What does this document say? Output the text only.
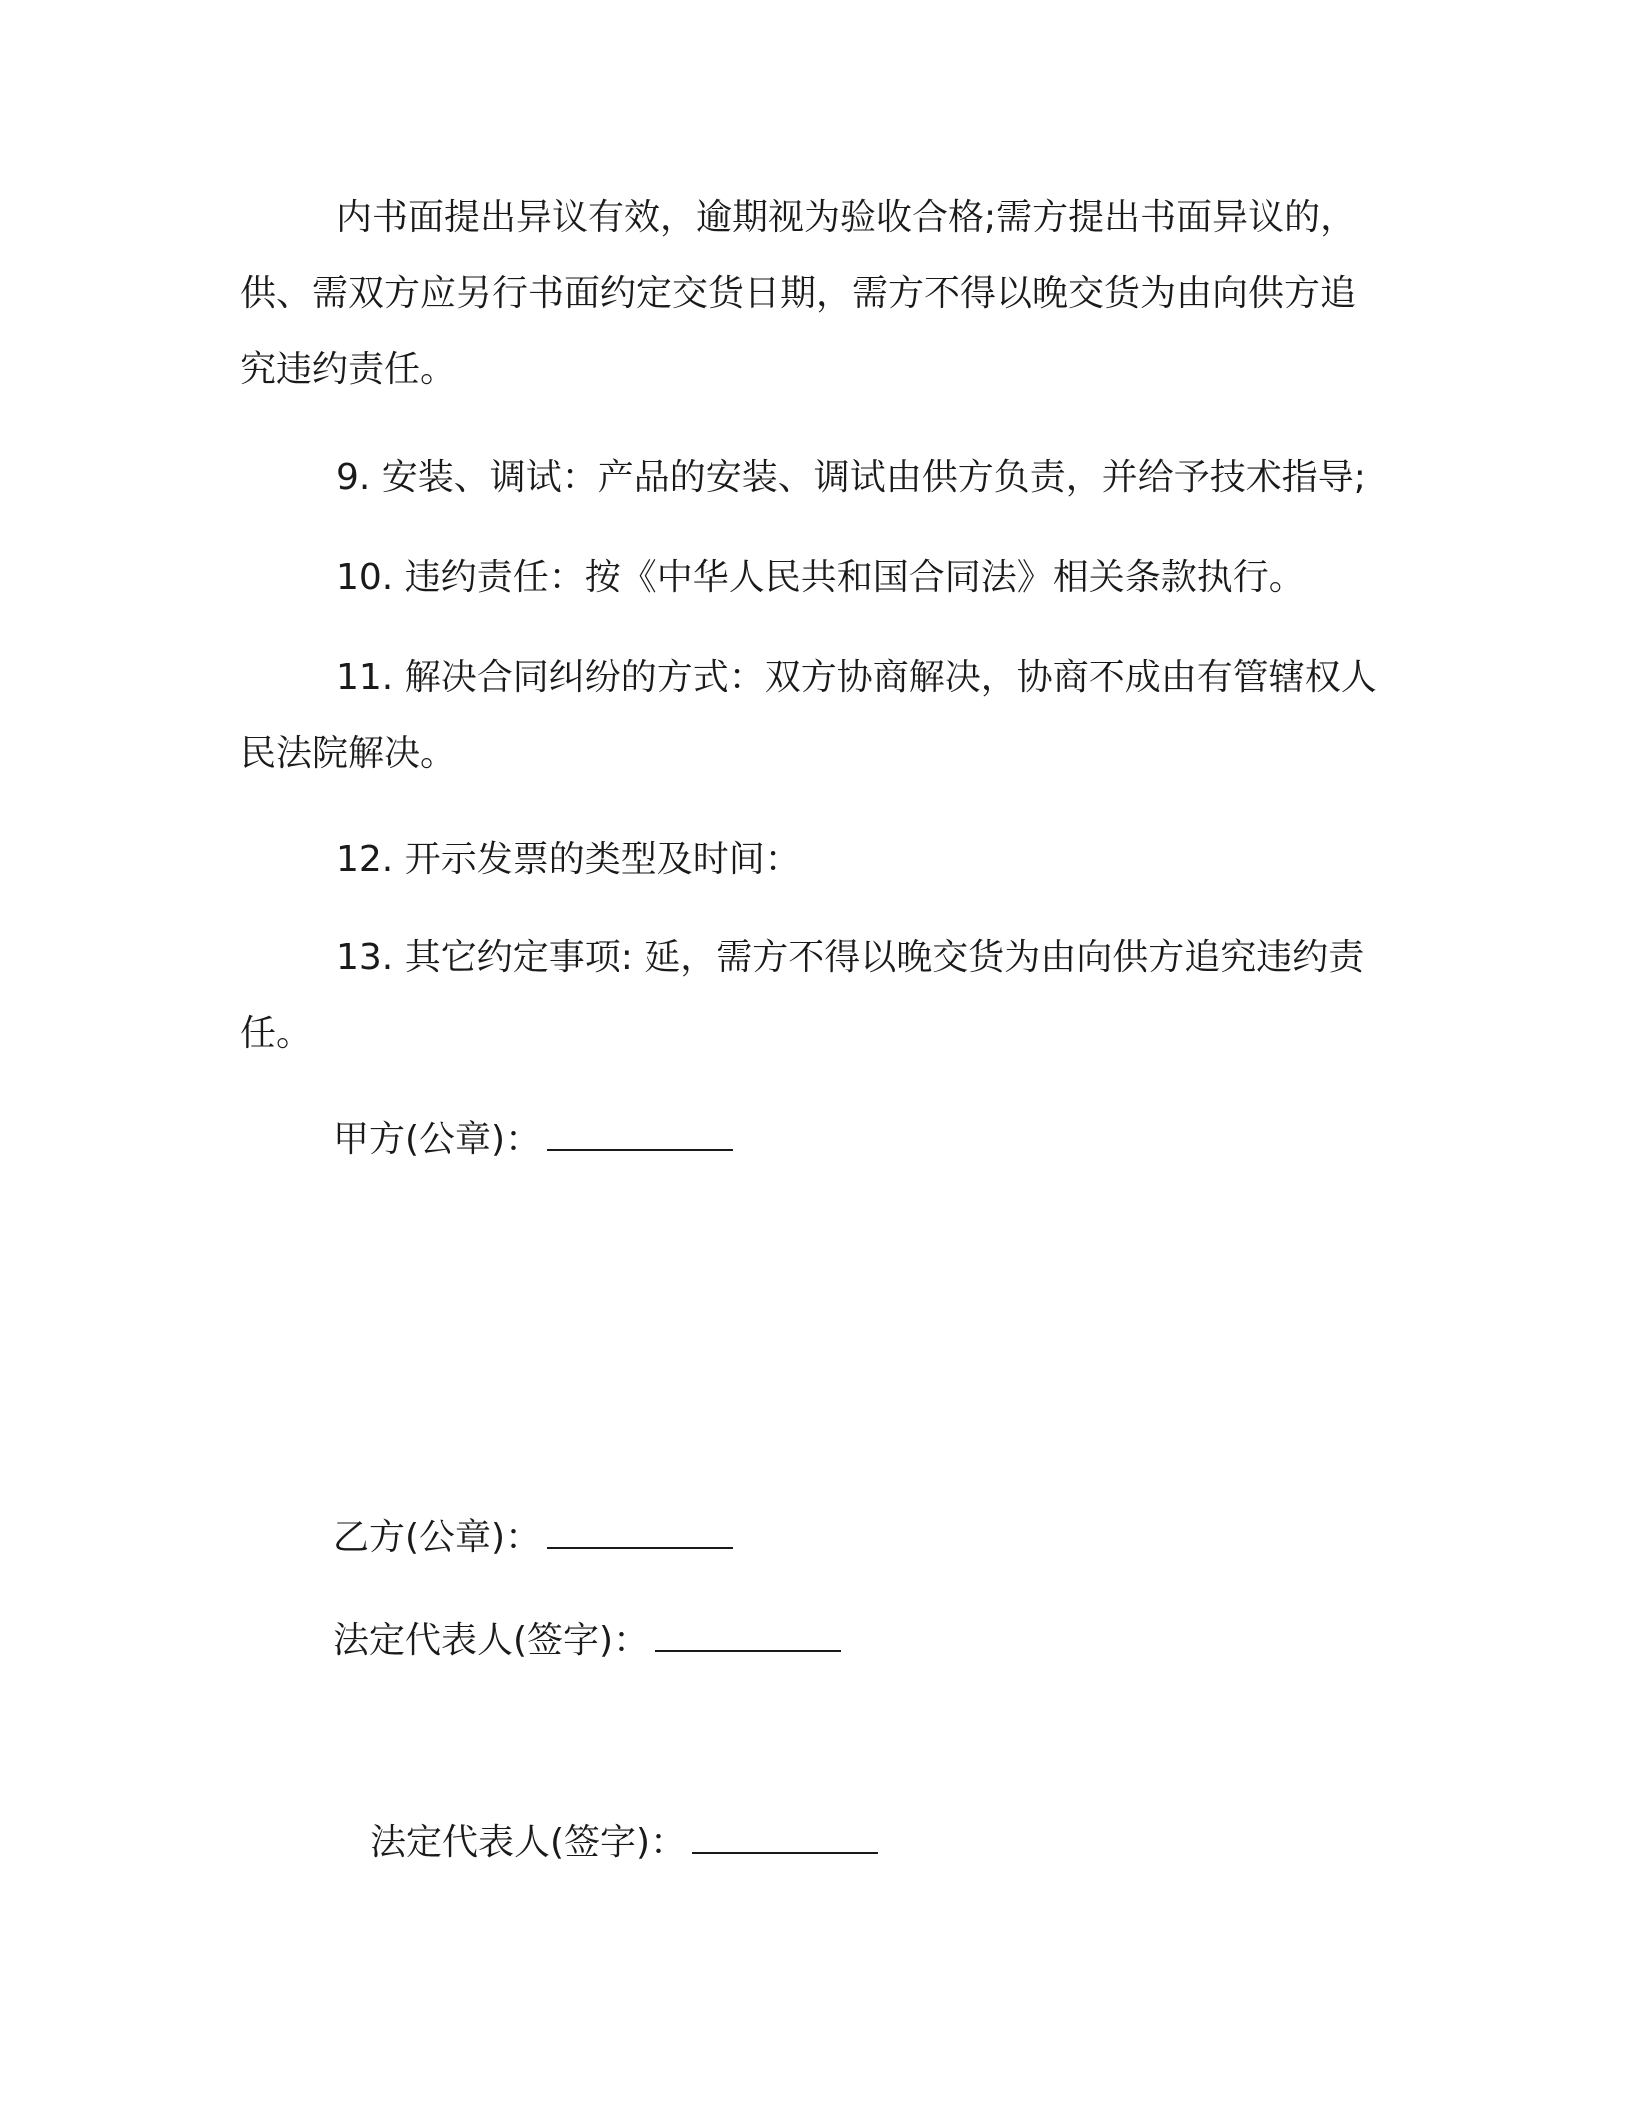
内书面提出异议有效，逾期视为验收合格;需方提出书面异议的，供、需双方应另行书面约定交货日期，需方不得以晚交货为由向供方追究违约责任。

9. 安装、调试：产品的安装、调试由供方负责，并给予技术指导;

10. 违约责任：按《中华人民共和国合同法》相关条款执行。

11. 解决合同纠纷的方式：双方协商解决，协商不成由有管辖权人民法院解决。

12. 开示发票的类型及时间：

13. 其它约定事项: 延，需方不得以晚交货为由向供方追究违约责任。

甲方(公章)：
乙方(公章)：
法定代表人(签字)：
法定代表人(签字)：
